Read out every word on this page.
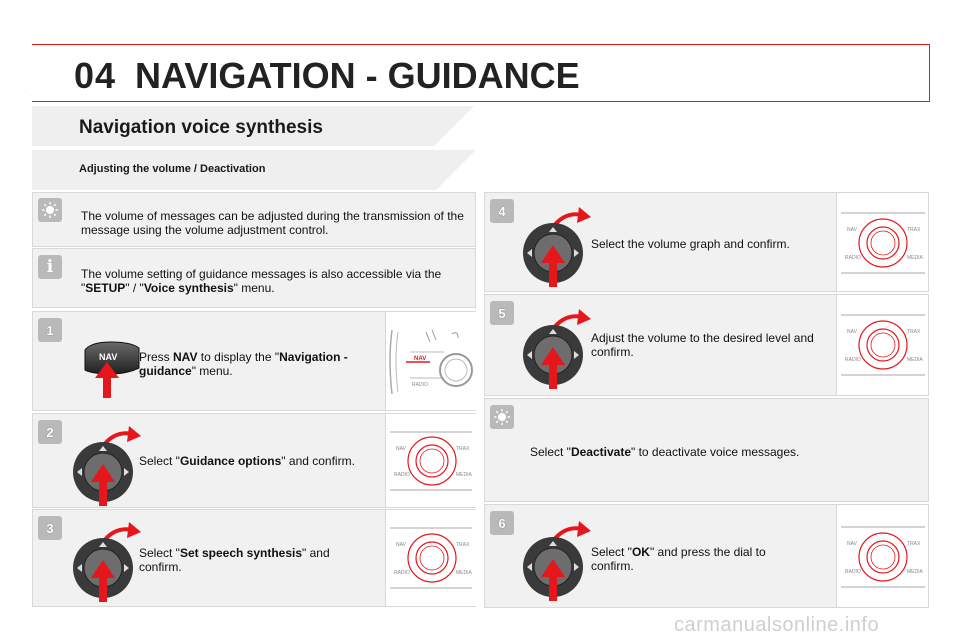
04 NAVIGATION - GUIDANCE
Navigation voice synthesis
Adjusting the volume / Deactivation
The volume of messages can be adjusted during the transmission of the message using the volume adjustment control.
i The volume setting of guidance messages is also accessible via the "SETUP" / "Voice synthesis" menu.
1
NAV Press NAV to display the "Navigation - guidance" menu.
NAV
RADIO
2
Select "Guidance options" and confirm.
NAV	TRAX
RADIO	MEDIA
3
Select "Set speech synthesis" and confirm.
NAV	TRAX
RADIO	MEDIA
4
Select the volume graph and confirm.
NAV	TRAX
RADIO	MEDIA
5
Adjust the volume to the desired level and confirm.
NAV	TRAX
RADIO	MEDIA
Select "Deactivate" to deactivate voice messages.
6
Select "OK" and press the dial to confirm.
NAV	TRAX
RADIO	MEDIA
carmanualsonline.info
